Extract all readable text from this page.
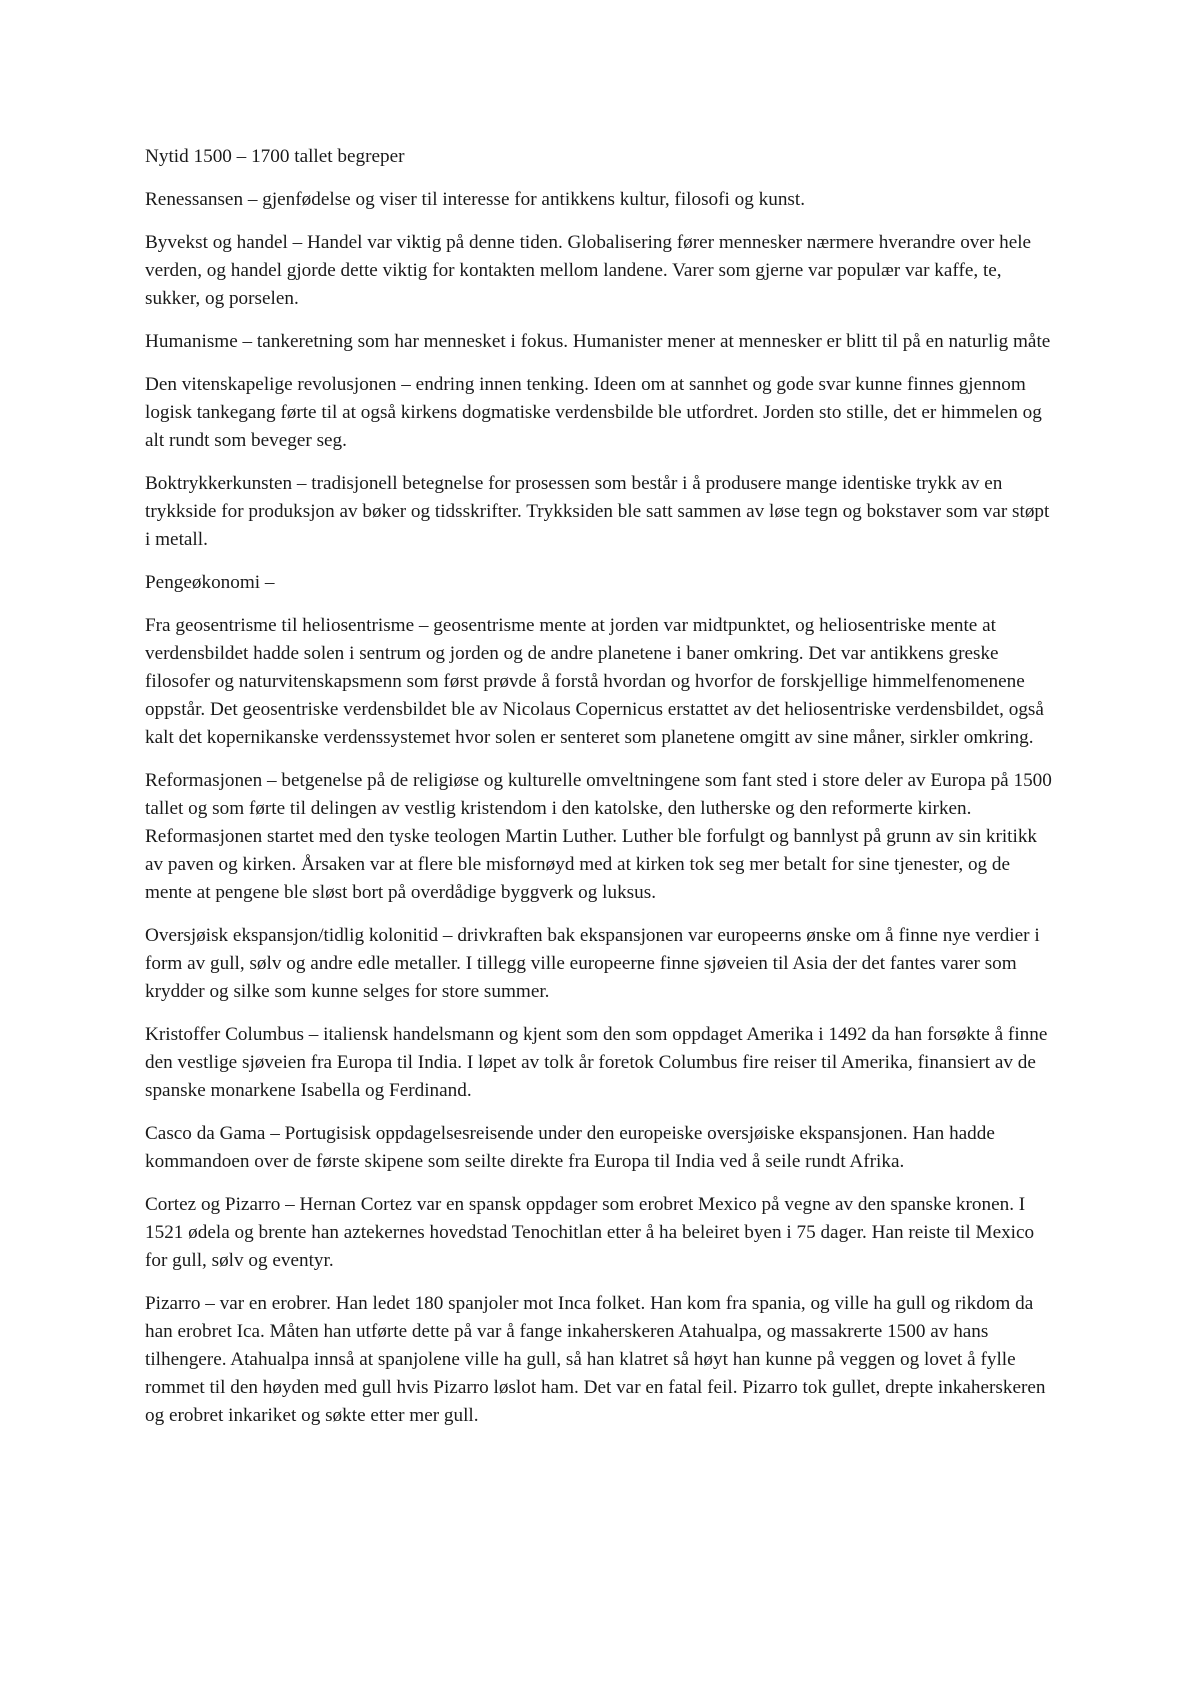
Nytid 1500 – 1700 tallet begreper

Renessansen – gjenfødelse og viser til interesse for antikkens kultur, filosofi og kunst.

Byvekst og handel – Handel var viktig på denne tiden. Globalisering fører mennesker nærmere hverandre over hele verden, og handel gjorde dette viktig for kontakten mellom landene. Varer som gjerne var populær var kaffe, te, sukker, og porselen.

Humanisme – tankeretning som har mennesket i fokus. Humanister mener at mennesker er blitt til på en naturlig måte

Den vitenskapelige revolusjonen – endring innen tenking. Ideen om at sannhet og gode svar kunne finnes gjennom logisk tankegang førte til at også kirkens dogmatiske verdensbilde ble utfordret. Jorden sto stille, det er himmelen og alt rundt som beveger seg.

Boktrykkerkunsten – tradisjonell betegnelse for prosessen som består i å produsere mange identiske trykk av en trykkside for produksjon av bøker og tidsskrifter. Trykksiden ble satt sammen av løse tegn og bokstaver som var støpt i metall.

Pengeøkonomi –

Fra geosentrisme til heliosentrisme – geosentrisme mente at jorden var midtpunktet, og heliosentriske mente at verdensbildet hadde solen i sentrum og jorden og de andre planetene i baner omkring. Det var antikkens greske filosofer og naturvitenskapsmenn som først prøvde å forstå hvordan og hvorfor de forskjellige himmelfenomenene oppstår. Det geosentriske verdensbildet ble av Nicolaus Copernicus erstattet av det heliosentriske verdensbildet, også kalt det kopernikanske verdenssystemet hvor solen er senteret som planetene omgitt av sine måner, sirkler omkring.

Reformasjonen – betgenelse på de religiøse og kulturelle omveltningene som fant sted i store deler av Europa på 1500 tallet og som førte til delingen av vestlig kristendom i den katolske, den lutherske og den reformerte kirken. Reformasjonen startet med den tyske teologen Martin Luther. Luther ble forfulgt og bannlyst på grunn av sin kritikk av paven og kirken. Årsaken var at flere ble misfornøyd med at kirken tok seg mer betalt for sine tjenester, og de mente at pengene ble sløst bort på overdådige byggverk og luksus.

Oversjøisk ekspansjon/tidlig kolonitid – drivkraften bak ekspansjonen var europeerns ønske om å finne nye verdier i form av gull, sølv og andre edle metaller. I tillegg ville europeerne finne sjøveien til Asia der det fantes varer som krydder og silke som kunne selges for store summer.

Kristoffer Columbus – italiensk handelsmann og kjent som den som oppdaget Amerika i 1492 da han forsøkte å finne den vestlige sjøveien fra Europa til India. I løpet av tolk år foretok Columbus fire reiser til Amerika, finansiert av de spanske monarkene Isabella og Ferdinand.

Casco da Gama – Portugisisk oppdagelsesreisende under den europeiske oversjøiske ekspansjonen. Han hadde kommandoen over de første skipene som seilte direkte fra Europa til India ved å seile rundt Afrika.

Cortez og Pizarro – Hernan Cortez var en spansk oppdager som erobret Mexico på vegne av den spanske kronen. I 1521 ødela og brente han aztekernes hovedstad Tenochitlan etter å ha beleiret byen i 75 dager. Han reiste til Mexico for gull, sølv og eventyr.

Pizarro – var en erobrer. Han ledet 180 spanjoler mot Inca folket. Han kom fra spania, og ville ha gull og rikdom da han erobret Ica. Måten han utførte dette på var å fange inkaherskeren Atahualpa, og massakrerte 1500 av hans tilhengere. Atahualpa innså at spanjolene ville ha gull, så han klatret så høyt han kunne på veggen og lovet å fylle rommet til den høyden med gull hvis Pizarro løslot ham. Det var en fatal feil. Pizarro tok gullet, drepte inkaherskeren og erobret inkariket og søkte etter mer gull.
